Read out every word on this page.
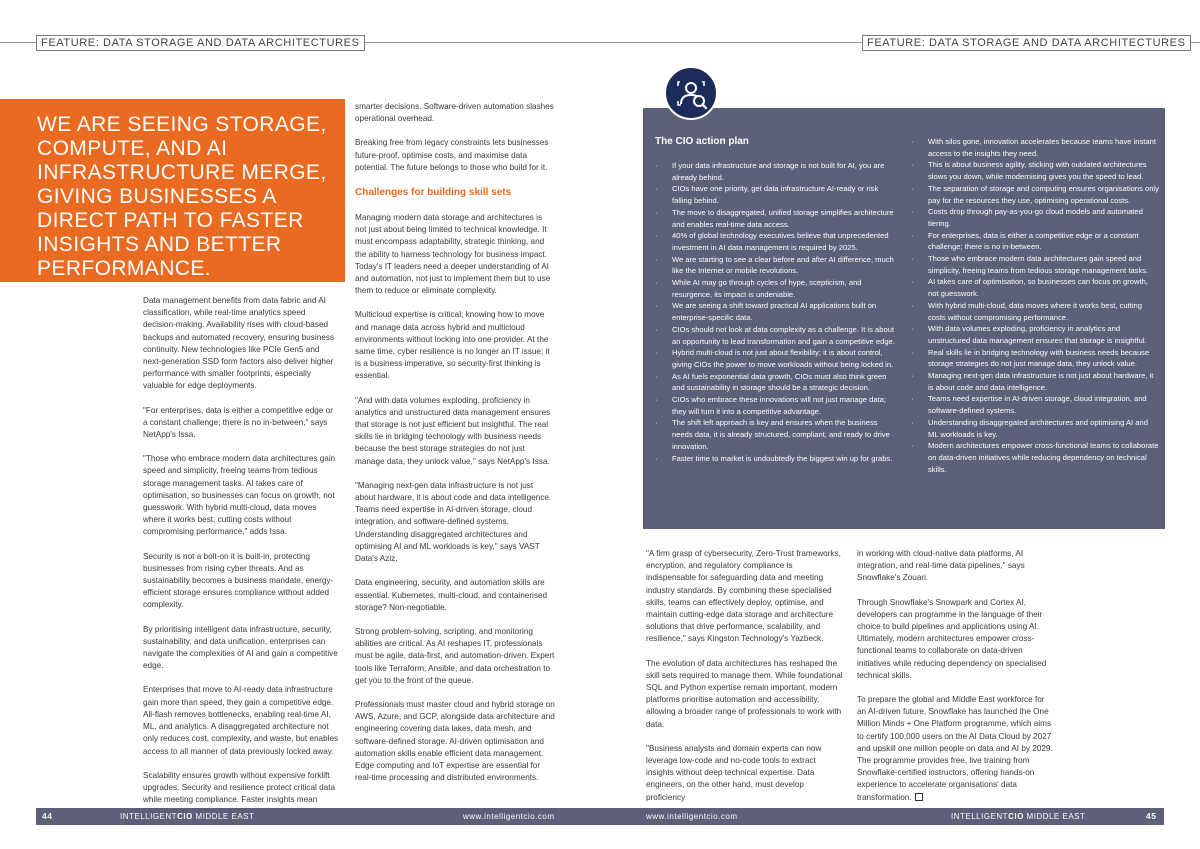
FEATURE: DATA STORAGE AND DATA ARCHITECTURES	FEATURE: DATA STORAGE AND DATA ARCHITECTURES
WE ARE SEEING STORAGE, COMPUTE, AND AI INFRASTRUCTURE MERGE, GIVING BUSINESSES A DIRECT PATH TO FASTER INSIGHTS AND BETTER PERFORMANCE.

Data management benefits from data fabric and AI classification, while real-time analytics speed decision-making. Availability rises with cloud-based backups and automated recovery, ensuring business continuity. New technologies like PCIe Gen5 and next-generation SSD form factors also deliver higher performance with smaller footprints, especially valuable for edge deployments.

"For enterprises, data is either a competitive edge or a constant challenge; there is no in-between," says NetApp's Issa.

"Those who embrace modern data architectures gain speed and simplicity, freeing teams from tedious storage management tasks. AI takes care of optimisation, so businesses can focus on growth, not guesswork. With hybrid multi-cloud, data moves where it works best, cutting costs without compromising performance," adds Issa.

Security is not a bolt-on it is built-in, protecting businesses from rising cyber threats. And as sustainability becomes a business mandate, energy-efficient storage ensures compliance without added complexity.

By prioritising intelligent data infrastructure, security, sustainability, and data unification, enterprises can navigate the complexities of AI and gain a competitive edge.

Enterprises that move to AI-ready data infrastructure gain more than speed, they gain a competitive edge. All-flash removes bottlenecks, enabling real-time AI, ML, and analytics. A disaggregated architecture not only reduces cost, complexity, and waste, but enables access to all manner of data previously locked away.

Scalability ensures growth without expensive forklift upgrades. Security and resilience protect critical data while meeting compliance. Faster insights mean

smarter decisions. Software-driven automation slashes operational overhead.

Breaking free from legacy constraints lets businesses future-proof, optimise costs, and maximise data potential. The future belongs to those who build for it.

Challenges for building skill sets

Managing modern data storage and architectures is not just about being limited to technical knowledge. It must encompass adaptability, strategic thinking, and the ability to harness technology for business impact. Today's IT leaders need a deeper understanding of AI and automation, not just to implement them but to use them to reduce or eliminate complexity.

Multicloud expertise is critical; knowing how to move and manage data across hybrid and multicloud environments without locking into one provider. At the same time, cyber resilience is no longer an IT issue; it is a business imperative, so security-first thinking is essential.

"And with data volumes exploding, proficiency in analytics and unstructured data management ensures that storage is not just efficient but insightful. The real skills lie in bridging technology with business needs because the best storage strategies do not just manage data, they unlock value," says NetApp's Issa.

"Managing next-gen data infrastructure is not just about hardware, it is about code and data intelligence. Teams need expertise in AI-driven storage, cloud integration, and software-defined systems. Understanding disaggregated architectures and optimising AI and ML workloads is key," says VAST Data's Aziz.

Data engineering, security, and automation skills are essential. Kubernetes, multi-cloud, and containerised storage? Non-negotiable.

Strong problem-solving, scripting, and monitoring abilities are critical. As AI reshapes IT, professionals must be agile, data-first, and automation-driven. Expert tools like Terraform, Ansible, and data orchestration to get you to the front of the queue.

Professionals must master cloud and hybrid storage on AWS, Azure, and GCP, alongside data architecture and engineering covering data lakes, data mesh, and software-defined storage. AI-driven optimisation and automation skills enable efficient data management. Edge computing and IoT expertise are essential for real-time processing and distributed environments.

The CIO action plan
· If your data infrastructure and storage is not built for AI, you are already behind.
· CIOs have one priority, get data infrastructure AI-ready or risk falling behind.
· The move to disaggregated, unified storage simplifies architecture and enables real-time data access.
· 40% of global technology executives believe that unprecedented investment in AI data management is required by 2025.
· We are starting to see a clear before and after AI difference, much like the Internet or mobile revolutions.
· While AI may go through cycles of hype, scepticism, and resurgence, its impact is undeniable.
· We are seeing a shift toward practical AI applications built on enterprise-specific data.
· CIOs should not look at data complexity as a challenge. It is about an opportunity to lead transformation and gain a competitive edge.
· Hybrid multi-cloud is not just about flexibility; it is about control, giving CIOs the power to move workloads without being locked in.
· As AI fuels exponential data growth, CIOs must also think green and sustainability in storage should be a strategic decision.
· CIOs who embrace these innovations will not just manage data; they will turn it into a competitive advantage.
· The shift left approach is key and ensures when the business needs data, it is already structured, compliant, and ready to drive innovation.
· Faster time to market is undoubtedly the biggest win up for grabs.
· With silos gone, innovation accelerates because teams have instant access to the insights they need.
· This is about business agility, sticking with outdated architectures slows you down, while modernising gives you the speed to lead.
· The separation of storage and computing ensures organisations only pay for the resources they use, optimising operational costs.
· Costs drop through pay-as-you-go cloud models and automated tiering.
· For enterprises, data is either a competitive edge or a constant challenge; there is no in-between.
· Those who embrace modern data architectures gain speed and simplicity, freeing teams from tedious storage management tasks.
· AI takes care of optimisation, so businesses can focus on growth, not guesswork.
· With hybrid multi-cloud, data moves where it works best, cutting costs without compromising performance.
· With data volumes exploding, proficiency in analytics and unstructured data management ensures that storage is insightful.
· Real skills lie in bridging technology with business needs because storage strategies do not just manage data, they unlock value.
· Managing next-gen data infrastructure is not just about hardware, it is about code and data intelligence.
· Teams need expertise in AI-driven storage, cloud integration, and software-defined systems.
· Understanding disaggregated architectures and optimising AI and ML workloads is key.
· Modern architectures empower cross-functional teams to collaborate on data-driven initiatives while reducing dependency on technical skills.

"A firm grasp of cybersecurity, Zero-Trust frameworks, encryption, and regulatory compliance is indispensable for safeguarding data and meeting industry standards. By combining these specialised skills, teams can effectively deploy, optimise, and maintain cutting-edge data storage and architecture solutions that drive performance, scalability, and resilience," says Kingston Technology's Yazbeck.

The evolution of data architectures has reshaped the skill sets required to manage them. While foundational SQL and Python expertise remain important, modern platforms prioritise automation and accessibility, allowing a broader range of professionals to work with data.

"Business analysts and domain experts can now leverage low-code and no-code tools to extract insights without deep technical expertise. Data engineers, on the other hand, must develop proficiency

in working with cloud-native data platforms, AI integration, and real-time data pipelines," says Snowflake's Zouari.

Through Snowflake's Snowpark and Cortex AI, developers can programme in the language of their choice to build pipelines and applications using AI. Ultimately, modern architectures empower cross-functional teams to collaborate on data-driven initiatives while reducing dependency on specialised technical skills.

To prepare the global and Middle East workforce for an AI-driven future, Snowflake has launched the One Million Minds + One Platform programme, which aims to certify 100,000 users on the AI Data Cloud by 2027 and upskill one million people on data and AI by 2029. The programme provides free, live training from Snowflake-certified instructors, offering hands-on experience to accelerate organisations' data transformation.

44	INTELLIGENTCIO MIDDLE EAST	www.intelligentcio.com	www.intelligentcio.com	INTELLIGENTCIO MIDDLE EAST	45
